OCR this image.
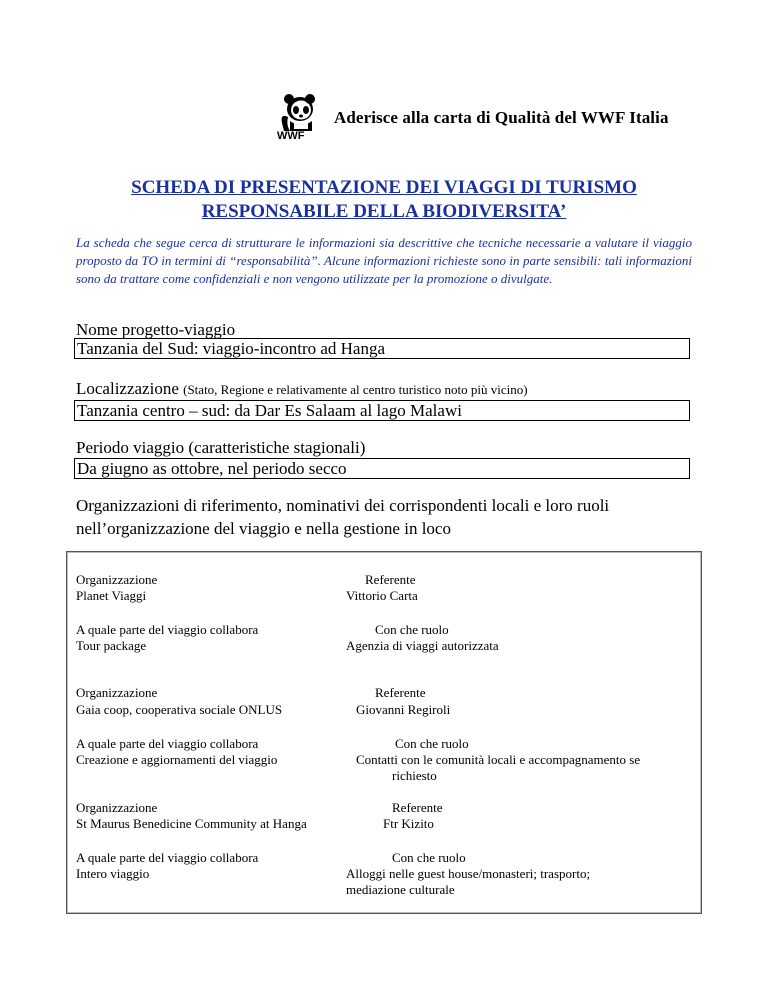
WWF
Aderisce alla carta di Qualità del WWF Italia
SCHEDA DI PRESENTAZIONE DEI VIAGGI DI TURISMO
RESPONSABILE DELLA BIODIVERSITA’
La scheda che segue cerca di strutturare le informazioni sia descrittive che tecniche necessarie a valutare il viaggio proposto da TO in termini di “responsabilità”. Alcune informazioni richieste sono in parte sensibili: tali informazioni sono da trattare come confidenziali e non vengono utilizzate per la promozione o divulgate.
Nome progetto-viaggio
Tanzania del Sud: viaggio-incontro ad Hanga
Localizzazione (Stato, Regione e relativamente al centro turistico noto più vicino)
Tanzania centro – sud: da Dar Es Salaam al lago Malawi
Periodo viaggio (caratteristiche stagionali)
Da giugno as ottobre, nel periodo secco
Organizzazioni di riferimento, nominativi dei corrispondenti locali e loro ruoli nell’organizzazione del viaggio e nella gestione in loco
Organizzazione
Planet Viaggi
Referente
Vittorio Carta
A quale parte del viaggio collabora
Tour package
Con che ruolo
Agenzia di viaggi autorizzata
Organizzazione
Gaia coop, cooperativa sociale ONLUS
Referente
Giovanni Regiroli
A quale parte del viaggio collabora
Creazione e aggiornamenti del viaggio
Con che ruolo
Contatti con le comunità locali e accompagnamento se
richiesto
Organizzazione
St Maurus Benedicine Community at Hanga
Referente
Ftr Kizito
A quale parte del viaggio collabora
Intero viaggio
Con che ruolo
Alloggi nelle guest house/monasteri; trasporto;
mediazione culturale
